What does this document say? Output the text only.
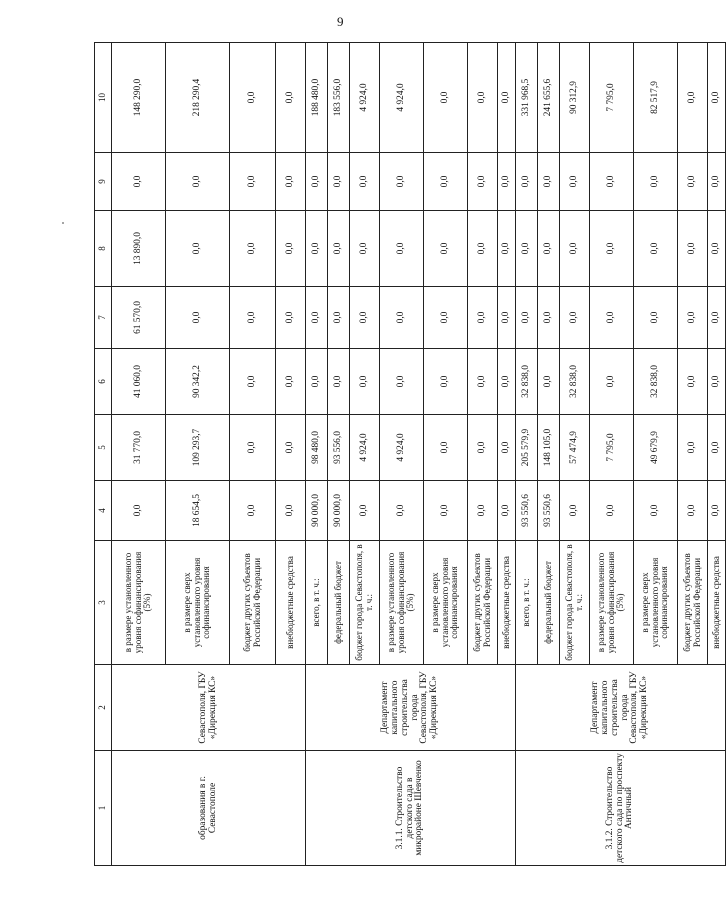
9
1	2	3	4	5	6	7	8	9	10
образования в г. Севастополе	Севастополя, ГБУ «Дирекция КС»	в размере установленного уровня софинансирования (5%)	0,0	31 770,0	41 060,0	61 570,0	13 890,0	0,0	148 290,0
		в размере сверх установленного уровня софинансирования	18 654,5	109 293,7	90 342,2	0,0	0,0	0,0	218 290,4
		бюджет других субъектов Российской Федерации	0,0	0,0	0,0	0,0	0,0	0,0	0,0
		внебюджетные средства	0,0	0,0	0,0	0,0	0,0	0,0	0,0
3.1.1. Строительство детского сада в микрорайоне Шевченко	Департамент капитального строительства города Севастополя, ГБУ «Дирекция КС»	всего, в т. ч.:	90 000,0	98 480,0	0,0	0,0	0,0	0,0	188 480,0
		федеральный бюджет	90 000,0	93 556,0	0,0	0,0	0,0	0,0	183 556,0
		бюджет города Севастополя, в т. ч.:	0,0	4 924,0	0,0	0,0	0,0	0,0	4 924,0
		в размере установленного уровня софинансирования (5%)	0,0	4 924,0	0,0	0,0	0,0	0,0	4 924,0
		в размере сверх установленного уровня софинансирования	0,0	0,0	0,0	0,0	0,0	0,0	0,0
		бюджет других субъектов Российской Федерации	0,0	0,0	0,0	0,0	0,0	0,0	0,0
		внебюджетные средства	0,0	0,0	0,0	0,0	0,0	0,0	0,0
3.1.2. Строительство детского сада по проспекту Античный	Департамент капитального строительства города Севастополя, ГБУ «Дирекция КС»	всего, в т. ч.:	93 550,6	205 579,9	32 838,0	0,0	0,0	0,0	331 968,5
		федеральный бюджет	93 550,6	148 105,0	0,0	0,0	0,0	0,0	241 655,6
		бюджет города Севастополя, в т. ч.:	0,0	57 474,9	32 838,0	0,0	0,0	0,0	90 312,9
		в размере установленного уровня софинансирования (5%)	0,0	7 795,0	0,0	0,0	0,0	0,0	7 795,0
		в размере сверх установленного уровня софинансирования	0,0	49 679,9	32 838,0	0,0	0,0	0,0	82 517,9
		бюджет других субъектов Российской Федерации	0,0	0,0	0,0	0,0	0,0	0,0	0,0
		внебюджетные средства	0,0	0,0	0,0	0,0	0,0	0,0	0,0
